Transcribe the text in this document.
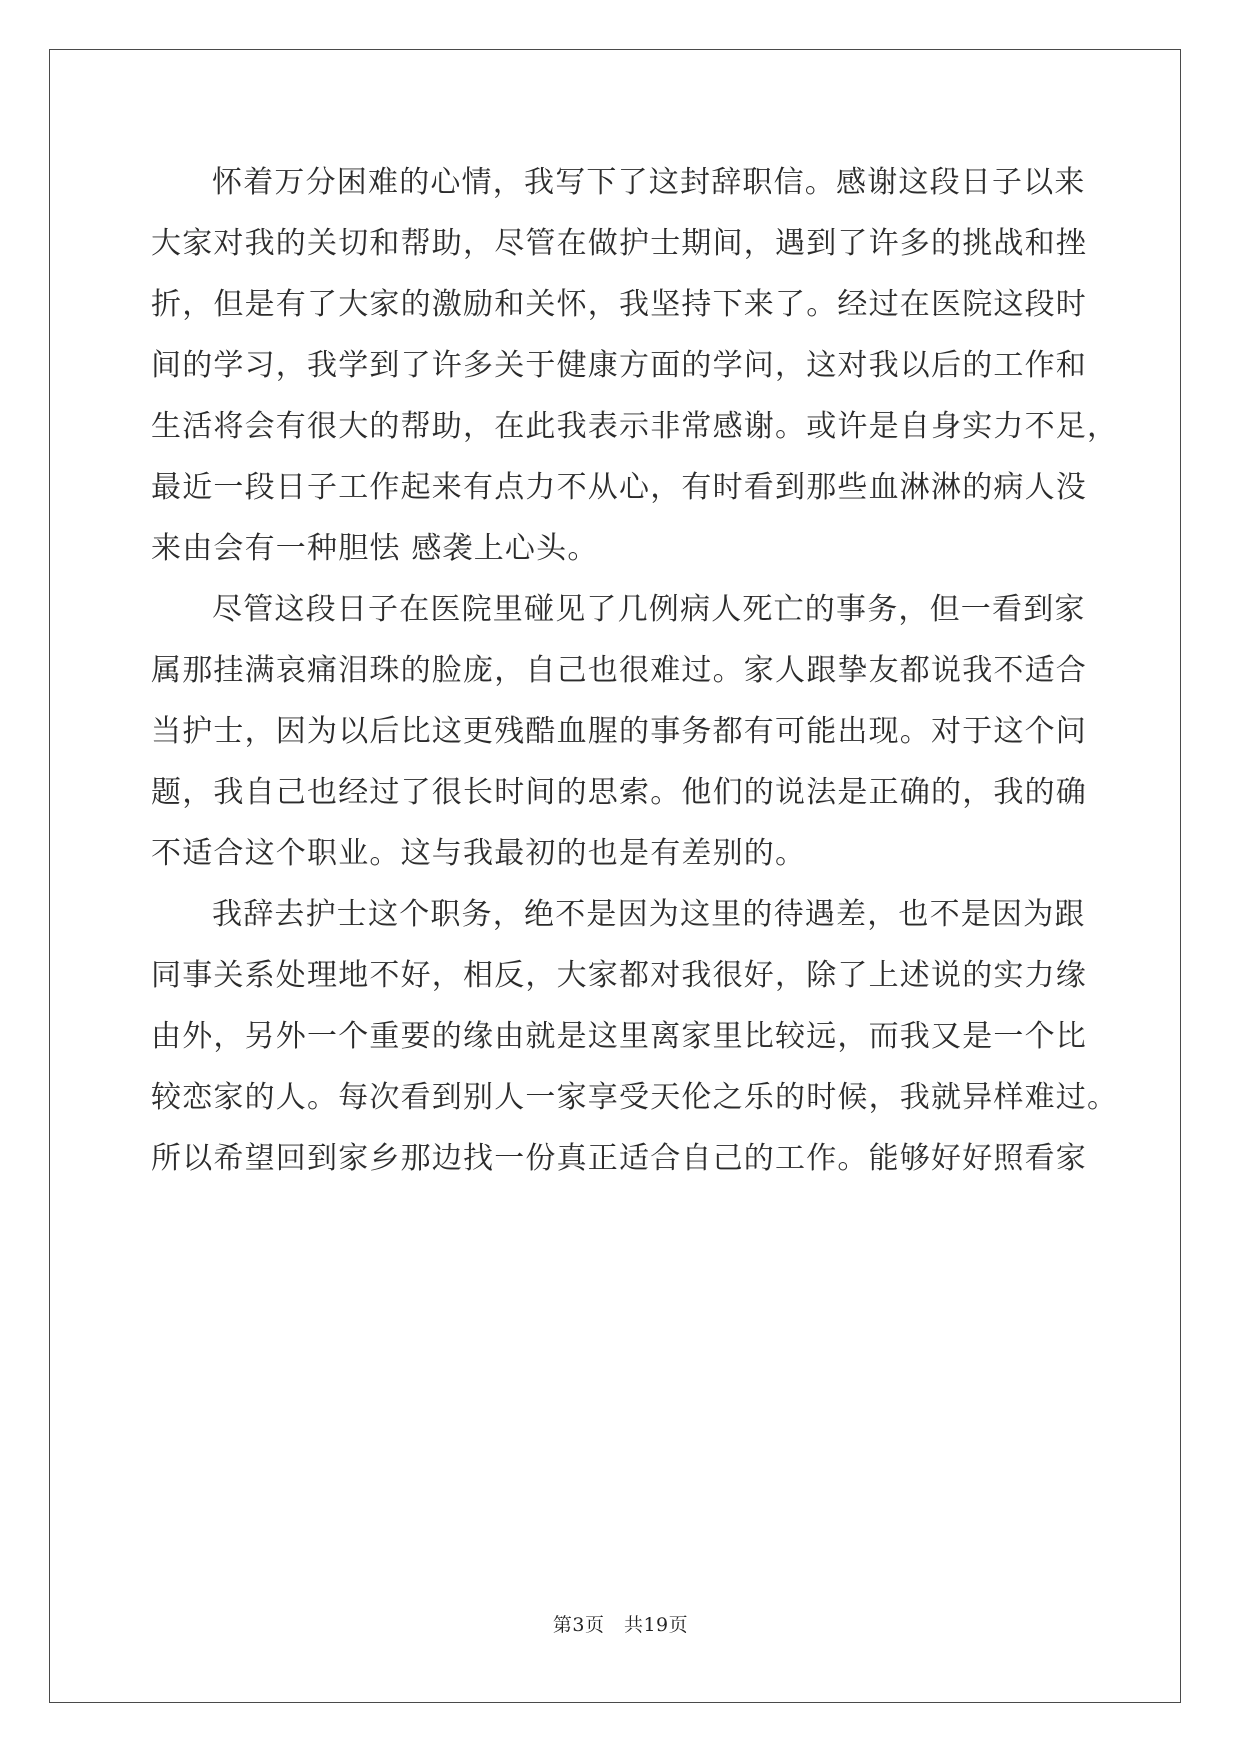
怀着万分困难的心情，我写下了这封辞职信。感谢这段日子以来
大家对我的关切和帮助，尽管在做护士期间，遇到了许多的挑战和挫
折，但是有了大家的激励和关怀，我坚持下来了。经过在医院这段时
间的学习，我学到了许多关于健康方面的学问，这对我以后的工作和
生活将会有很大的帮助，在此我表示非常感谢。或许是自身实力不足，
最近一段日子工作起来有点力不从心，有时看到那些血淋淋的病人没
来由会有一种胆怯 感袭上心头。
尽管这段日子在医院里碰见了几例病人死亡的事务，但一看到家
属那挂满哀痛泪珠的脸庞，自己也很难过。家人跟挚友都说我不适合
当护士，因为以后比这更残酷血腥的事务都有可能出现。对于这个问
题，我自己也经过了很长时间的思索。他们的说法是正确的，我的确
不适合这个职业。这与我最初的也是有差别的。
我辞去护士这个职务，绝不是因为这里的待遇差，也不是因为跟
同事关系处理地不好，相反，大家都对我很好，除了上述说的实力缘
由外，另外一个重要的缘由就是这里离家里比较远，而我又是一个比
较恋家的人。每次看到别人一家享受天伦之乐的时候，我就异样难过。
所以希望回到家乡那边找一份真正适合自己的工作。能够好好照看家
第3页　共19页
